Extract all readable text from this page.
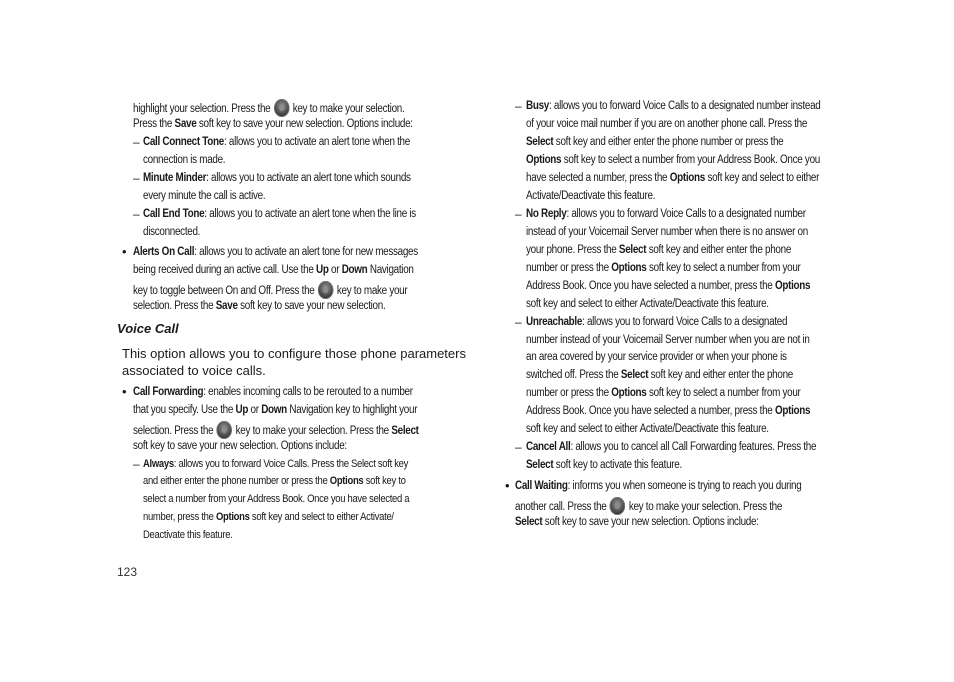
highlight your selection. Press the key to make your selection.
Press the Save soft key to save your new selection. Options include:
– Call Connect Tone: allows you to activate an alert tone when the
connection is made.
– Minute Minder: allows you to activate an alert tone which sounds
every minute the call is active.
– Call End Tone: allows you to activate an alert tone when the line is
disconnected.
• Alerts On Call: allows you to activate an alert tone for new messages
being received during an active call. Use the Up or Down Navigation
key to toggle between On and Off. Press the key to make your
selection. Press the Save soft key to save your new selection.
Voice Call
This option allows you to configure those phone parameters
associated to voice calls.
• Call Forwarding: enables incoming calls to be rerouted to a number
that you specify. Use the Up or Down Navigation key to highlight your
selection. Press the key to make your selection. Press the Select
soft key to save your new selection. Options include:
– Always: allows you to forward Voice Calls. Press the Select soft key
and either enter the phone number or press the Options soft key to
select a number from your Address Book. Once you have selected a
number, press the Options soft key and select to either Activate/
Deactivate this feature.
123
– Busy: allows you to forward Voice Calls to a designated number instead
of your voice mail number if you are on another phone call. Press the
Select soft key and either enter the phone number or press the
Options soft key to select a number from your Address Book. Once you
have selected a number, press the Options soft key and select to either
Activate/Deactivate this feature.
– No Reply: allows you to forward Voice Calls to a designated number
instead of your Voicemail Server number when there is no answer on
your phone. Press the Select soft key and either enter the phone
number or press the Options soft key to select a number from your
Address Book. Once you have selected a number, press the Options
soft key and select to either Activate/Deactivate this feature.
– Unreachable: allows you to forward Voice Calls to a designated
number instead of your Voicemail Server number when you are not in
an area covered by your service provider or when your phone is
switched off. Press the Select soft key and either enter the phone
number or press the Options soft key to select a number from your
Address Book. Once you have selected a number, press the Options
soft key and select to either Activate/Deactivate this feature.
– Cancel All: allows you to cancel all Call Forwarding features. Press the
Select soft key to activate this feature.
• Call Waiting: informs you when someone is trying to reach you during
another call. Press the key to make your selection. Press the
Select soft key to save your new selection. Options include:
